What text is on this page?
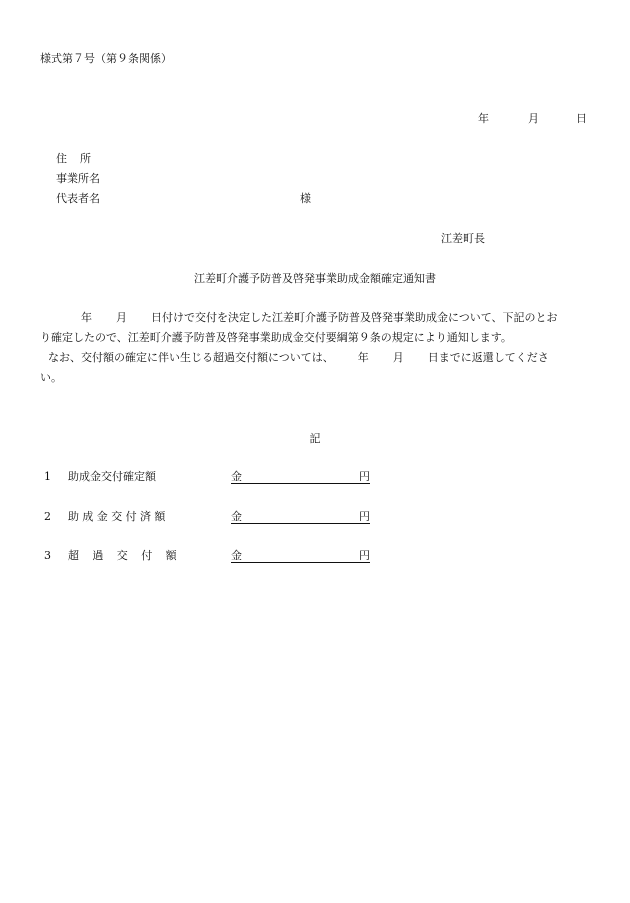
様式第７号（第９条関係）
年	月	日
住所
事業所名
代表者名	様
江差町長
江差町介護予防普及啓発事業助成金額確定通知書
年 月 日付けで交付を決定した江差町介護予防普及啓発事業助成金について、下記のとお
り確定したので、江差町介護予防普及啓発事業助成金交付要綱第９条の規定により通知します。
なお、交付額の確定に伴い生じる超過交付額については、 年 月 日までに返還してくださ
い。
記
1 助成金交付確定額	金	円
2 助成金交付済額	金	円
3 超過交付額	金	円
